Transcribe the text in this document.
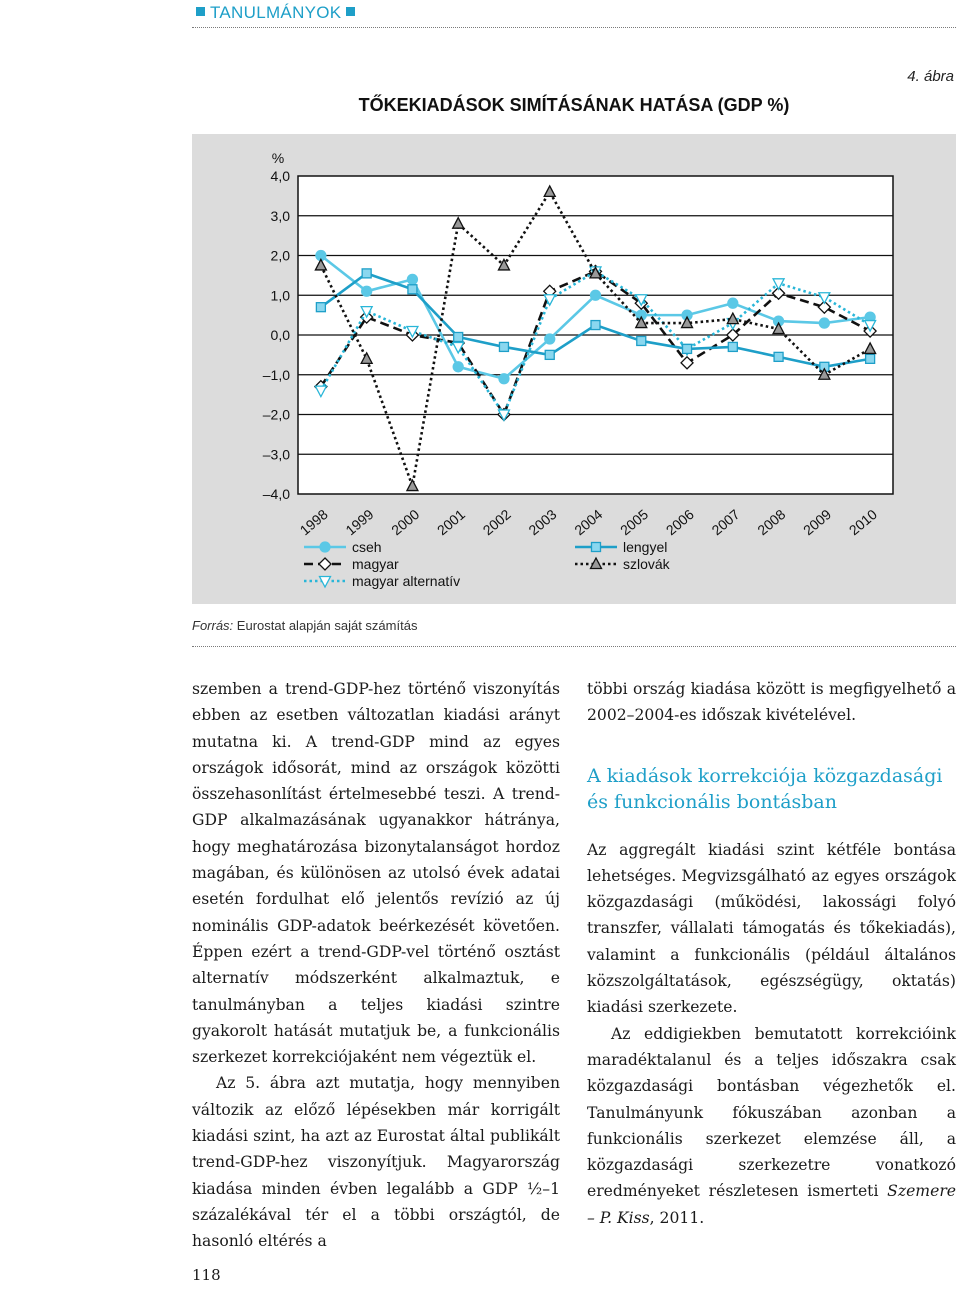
TANULMÁNYOK
4. ábra
TŐKEKIADÁSOK SIMÍTÁSÁNAK HATÁSA (GDP %)
4,0
3,0
2,0
1,0
0,0
–1,0
–2,0
–3,0
–4,0
%
1998 1999 2000 2001 2002 2003 2004 2005 2006 2007 2008 2009 2010
cseh
magyar
magyar alternatív
lengyel
szlovák
Forrás: Eurostat alapján saját számítás

szemben a trend-GDP-hez történő viszonyítás ebben az esetben változatlan kiadási arányt mutatna ki. A trend-GDP mind az egyes országok idősorát, mind az országok közötti összehasonlítást értelmesebbé teszi. A trend-GDP alkalmazásának ugyanakkor hátránya, hogy meghatározása bizonytalanságot hordoz magában, és különösen az utolsó évek adatai esetén fordulhat elő jelentős revízió az új nominális GDP-adatok beérkezését követően. Éppen ezért a trend-GDP-vel történő osztást alternatív módszerként alkalmaztuk, e tanulmányban a teljes kiadási szintre gyakorolt hatását mutatjuk be, a funkcionális szerkezet korrekciójaként nem végeztük el.

Az 5. ábra azt mutatja, hogy mennyiben változik az előző lépésekben már korrigált kiadási szint, ha azt az Eurostat által publikált trend-GDP-hez viszonyítjuk. Magyarország kiadása minden évben legalább a GDP ½–1 százalékával tér el a többi országtól, de hasonló eltérés a

többi ország kiadása között is megfigyelhető a 2002–2004-es időszak kivételével.

A kiadások korrekciója közgazdasági és funkcionális bontásban

Az aggregált kiadási szint kétféle bontása lehetséges. Megvizsgálható az egyes országok közgazdasági (működési, lakossági folyó transzfer, vállalati támogatás és tőkekiadás), valamint a funkcionális (például általános közszolgáltatások, egészségügy, oktatás) kiadási szerkezete.

Az eddigiekben bemutatott korrekcióink maradéktalanul és a teljes időszakra csak közgazdasági bontásban végezhetők el. Tanulmányunk fókuszában azonban a funkcionális szerkezet elemzése áll, a közgazdasági szerkezetre vonatkozó eredményeket részletesen ismerteti Szemere – P. Kiss, 2011.

118
